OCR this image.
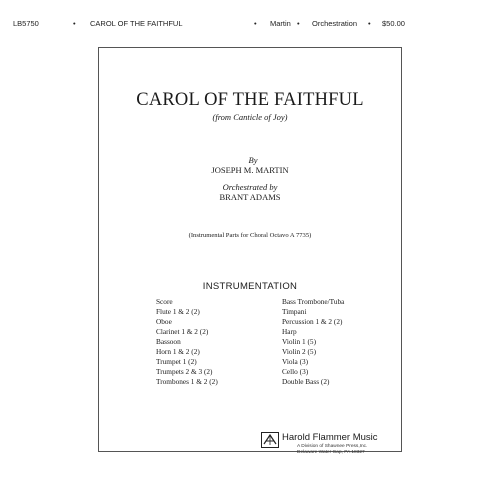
LB5750	• CAROL OF THE FAITHFUL	• Martin • Orchestration • $50.00
CAROL OF THE FAITHFUL
(from Canticle of Joy)
By
JOSEPH M. MARTIN
Orchestrated by
BRANT ADAMS
(Instrumental Parts for Choral Octavo A 7735)
INSTRUMENTATION
Score
Flute 1 & 2 (2)
Oboe
Clarinet 1 & 2 (2)
Bassoon
Horn 1 & 2 (2)
Trumpet 1 (2)
Trumpets 2 & 3 (2)
Trombones 1 & 2 (2)
Bass Trombone/Tuba
Timpani
Percussion 1 & 2 (2)
Harp
Violin 1 (5)
Violin 2 (5)
Viola (3)
Cello (3)
Double Bass (2)
Harold Flammer Music
A Division of Shawnee Press,Inc.
Delaware Water Gap, PA 18327
